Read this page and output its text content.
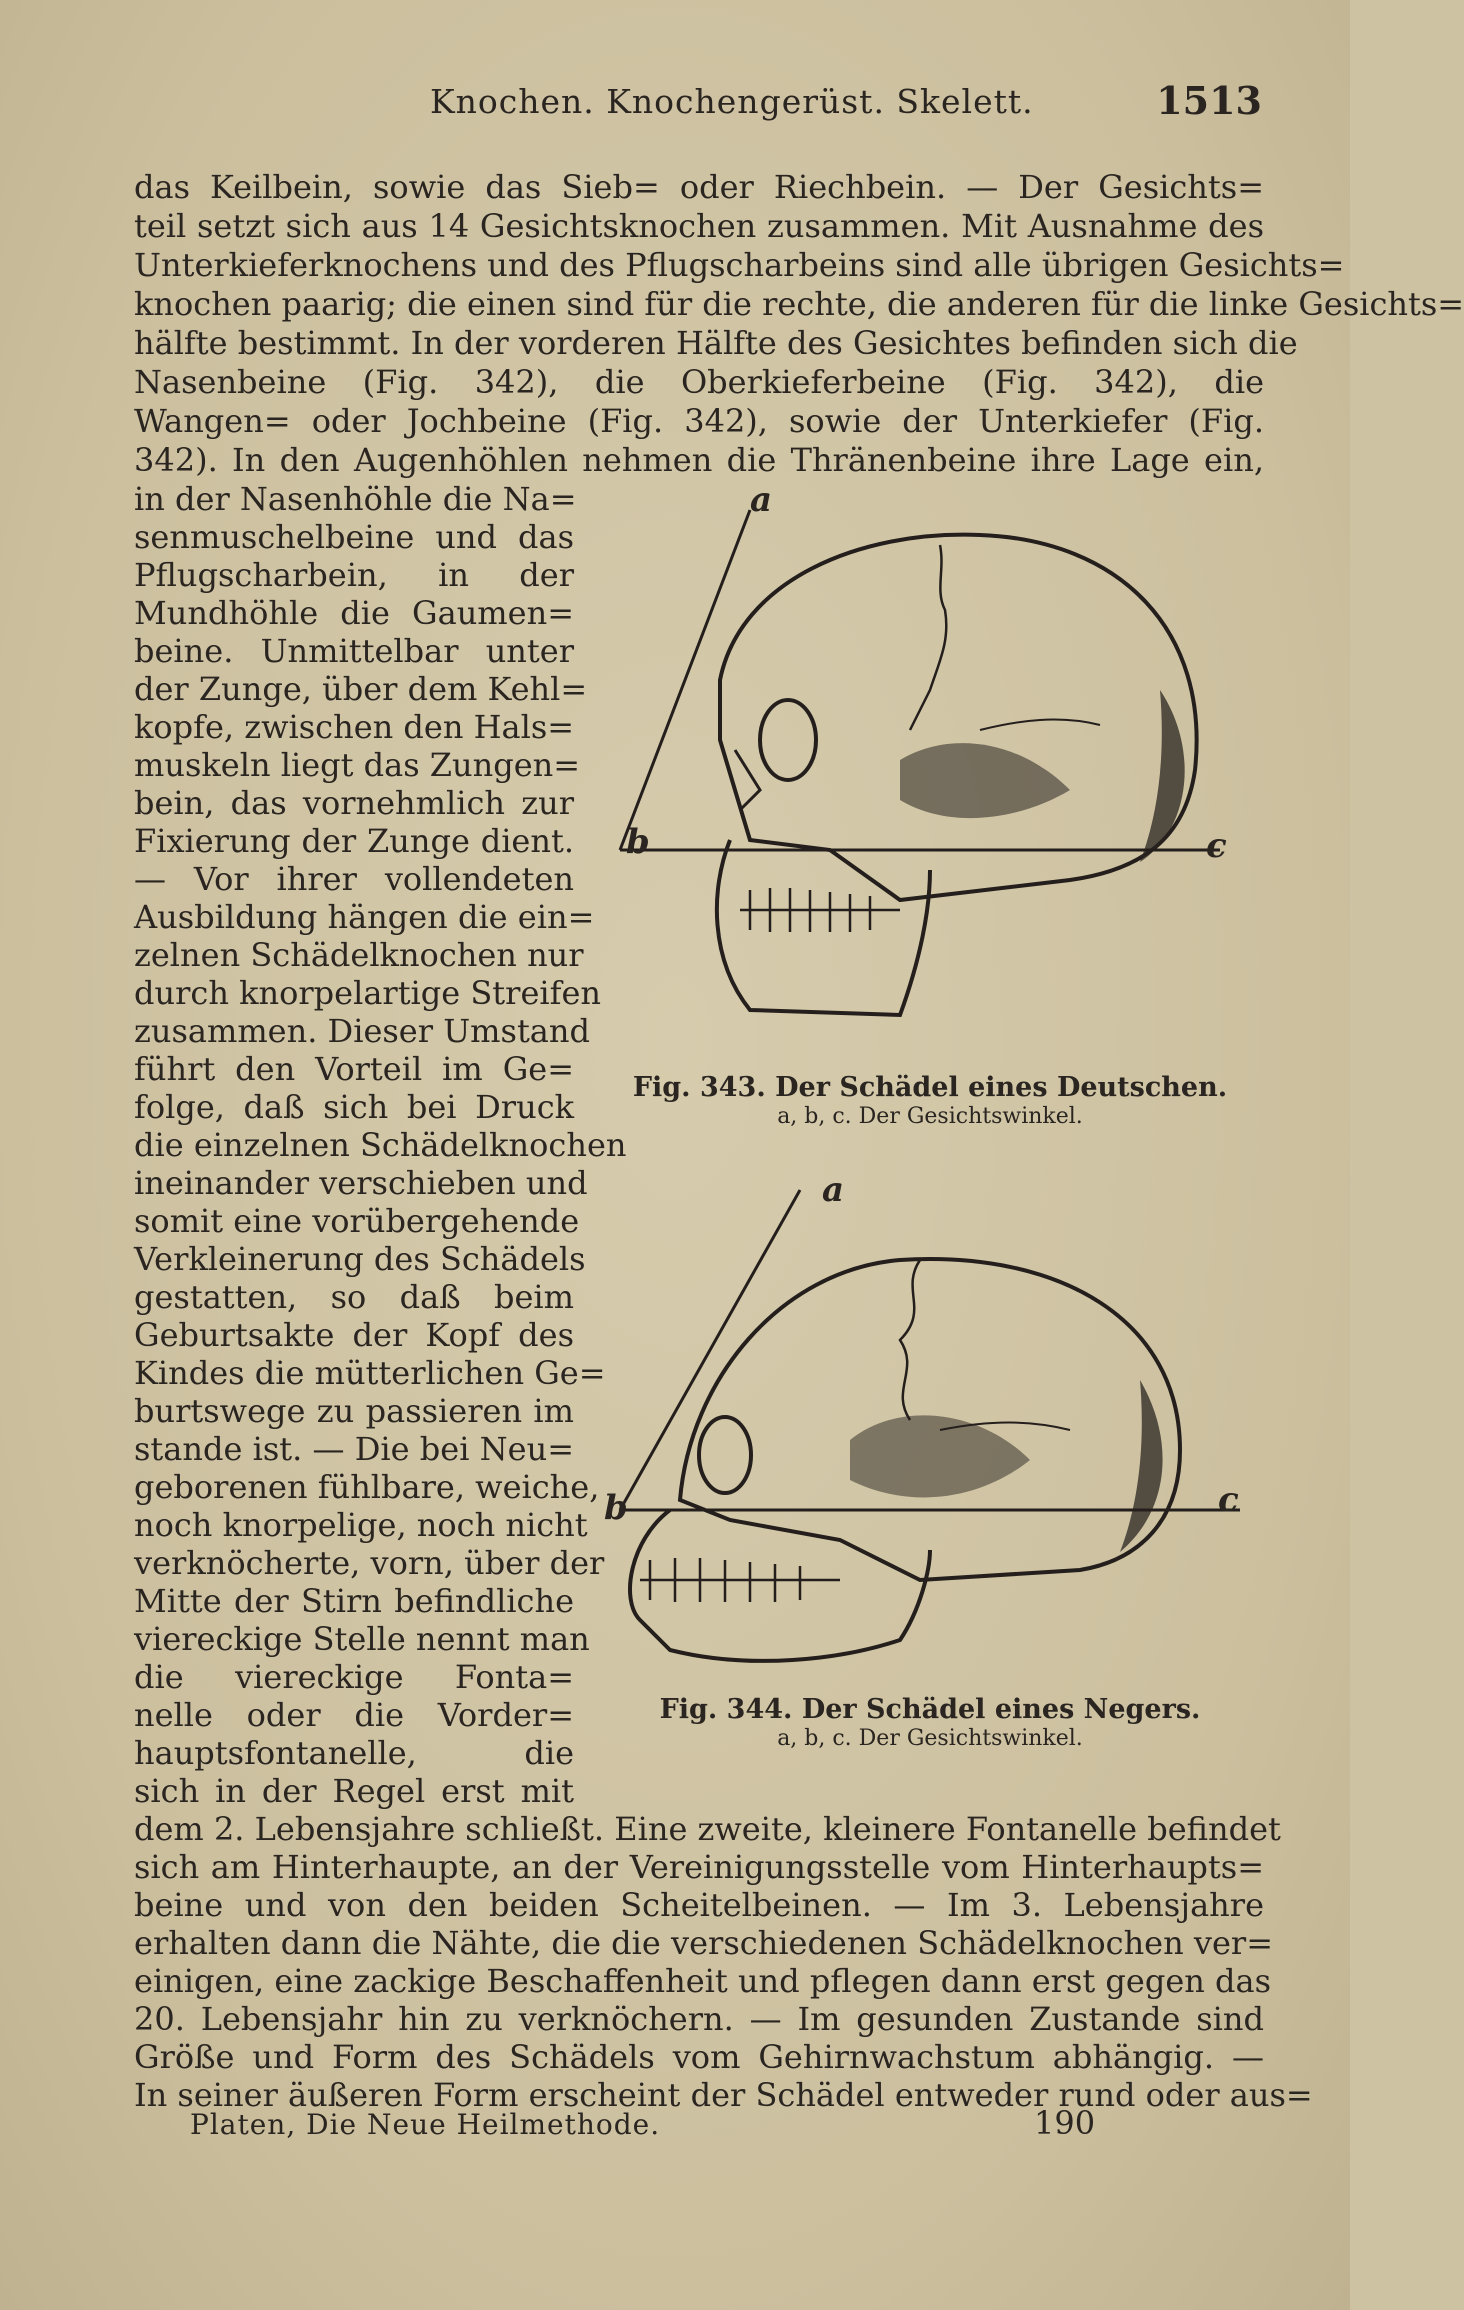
Knochen. Knochengerüst. Skelett.	1513
das Keilbein, sowie das Sieb= oder Riechbein. — Der Gesichts=
teil setzt sich aus 14 Gesichtsknochen zusammen. Mit Ausnahme des
Unterkieferknochens und des Pflugscharbeins sind alle übrigen Gesichts=
knochen paarig; die einen sind für die rechte, die anderen für die linke Gesichts=
hälfte bestimmt. In der vorderen Hälfte des Gesichtes befinden sich die
Nasenbeine (Fig. 342), die Oberkieferbeine (Fig. 342), die
Wangen= oder Jochbeine (Fig. 342), sowie der Unterkiefer (Fig.
342). In den Augenhöhlen nehmen die Thränenbeine ihre Lage ein,
in der Nasenhöhle die Na=
senmuschelbeine und das
Pflugscharbein, in der
Mundhöhle die Gaumen=
beine. Unmittelbar unter
der Zunge, über dem Kehl=
kopfe, zwischen den Hals=
muskeln liegt das Zungen=
bein, das vornehmlich zur
Fixierung der Zunge dient.
— Vor ihrer vollendeten
Ausbildung hängen die ein=
zelnen Schädelknochen nur
durch knorpelartige Streifen
zusammen. Dieser Umstand
führt den Vorteil im Ge=
folge, daß sich bei Druck
die einzelnen Schädelknochen
ineinander verschieben und
somit eine vorübergehende
Verkleinerung des Schädels
gestatten, so daß beim
Geburtsakte der Kopf des
Kindes die mütterlichen Ge=
burtswege zu passieren im
stande ist. — Die bei Neu=
geborenen fühlbare, weiche,
noch knorpelige, noch nicht
verknöcherte, vorn, über der
Mitte der Stirn befindliche
viereckige Stelle nennt man
die viereckige Fonta=
nelle oder die Vorder=
hauptsfontanelle, die
sich in der Regel erst mit
dem 2. Lebensjahre schließt. Eine zweite, kleinere Fontanelle befindet
sich am Hinterhaupte, an der Vereinigungsstelle vom Hinterhaupts=
beine und von den beiden Scheitelbeinen. — Im 3. Lebensjahre
erhalten dann die Nähte, die die verschiedenen Schädelknochen ver=
einigen, eine zackige Beschaffenheit und pflegen dann erst gegen das
20. Lebensjahr hin zu verknöchern. — Im gesunden Zustande sind
Größe und Form des Schädels vom Gehirnwachstum abhängig. —
In seiner äußeren Form erscheint der Schädel entweder rund oder aus=
a
b	c
Fig. 343. Der Schädel eines Deutschen.
a, b, c. Der Gesichtswinkel.
a
b	c
Fig. 344. Der Schädel eines Negers.
a, b, c. Der Gesichtswinkel.
Platen, Die Neue Heilmethode.	190
